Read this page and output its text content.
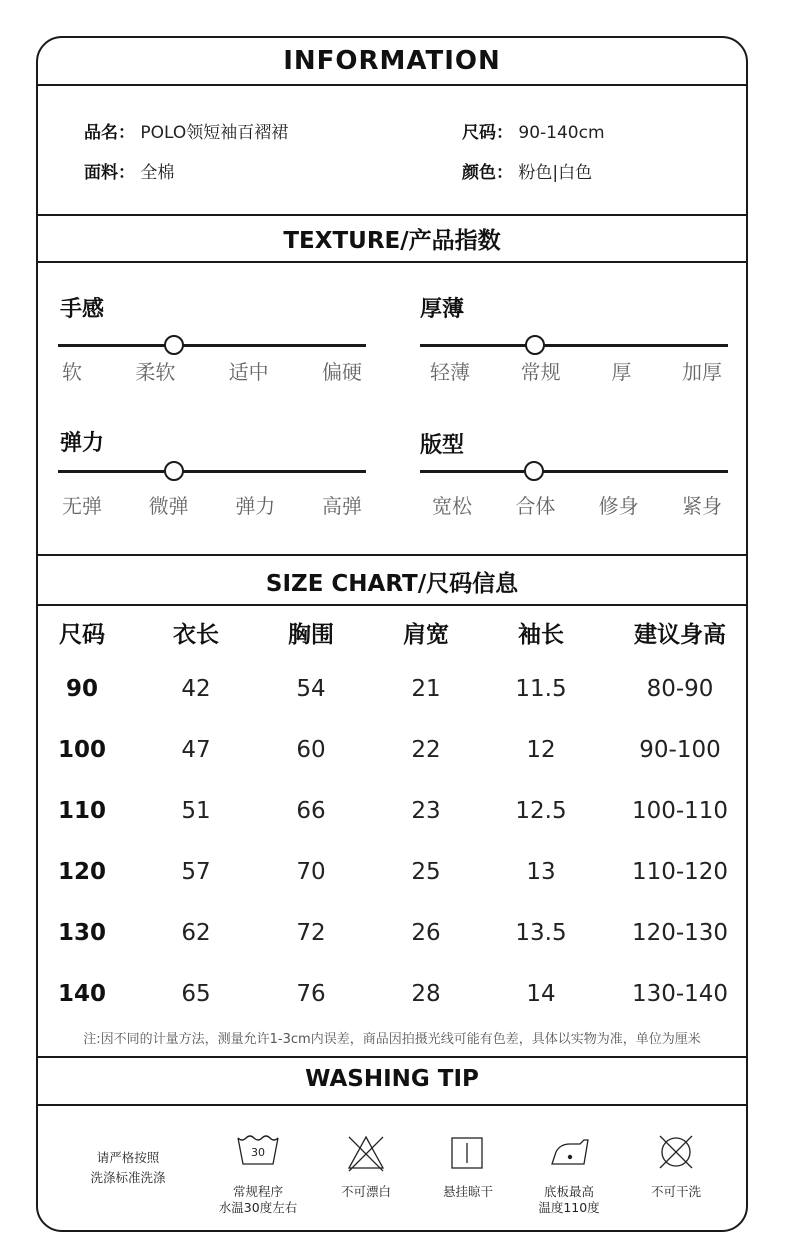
INFORMATION
品名： POLO领短袖百褶裙	尺码： 90-140cm
面料： 全棉	颜色： 粉色|白色
TEXTURE/产品指数
手感
软	柔软	适中	偏硬
厚薄
轻薄	常规	厚	加厚
弹力
无弹 微弹 弹力 高弹
版型
宽松 合体 修身 紧身
SIZE CHART/尺码信息
尺码	衣长	胸围	肩宽	袖长	建议身高
90	42	54	21	11.5	80-90
100	47	60	22	12	90-100
110	51	66	23	12.5	100-110
120	57	70	25	13	110-120
130	62	72	26	13.5	120-130
140	65	76	28	14	130-140
注:因不同的计量方法，测量允许1-3cm内误差，商品因拍摄光线可能有色差，具体以实物为准，单位为厘米
WASHING TIP
请严格按照
洗涤标准洗涤
30
常规程序
水温30度左右
不可漂白	悬挂晾干	底板最高
温度110度
不可干洗
